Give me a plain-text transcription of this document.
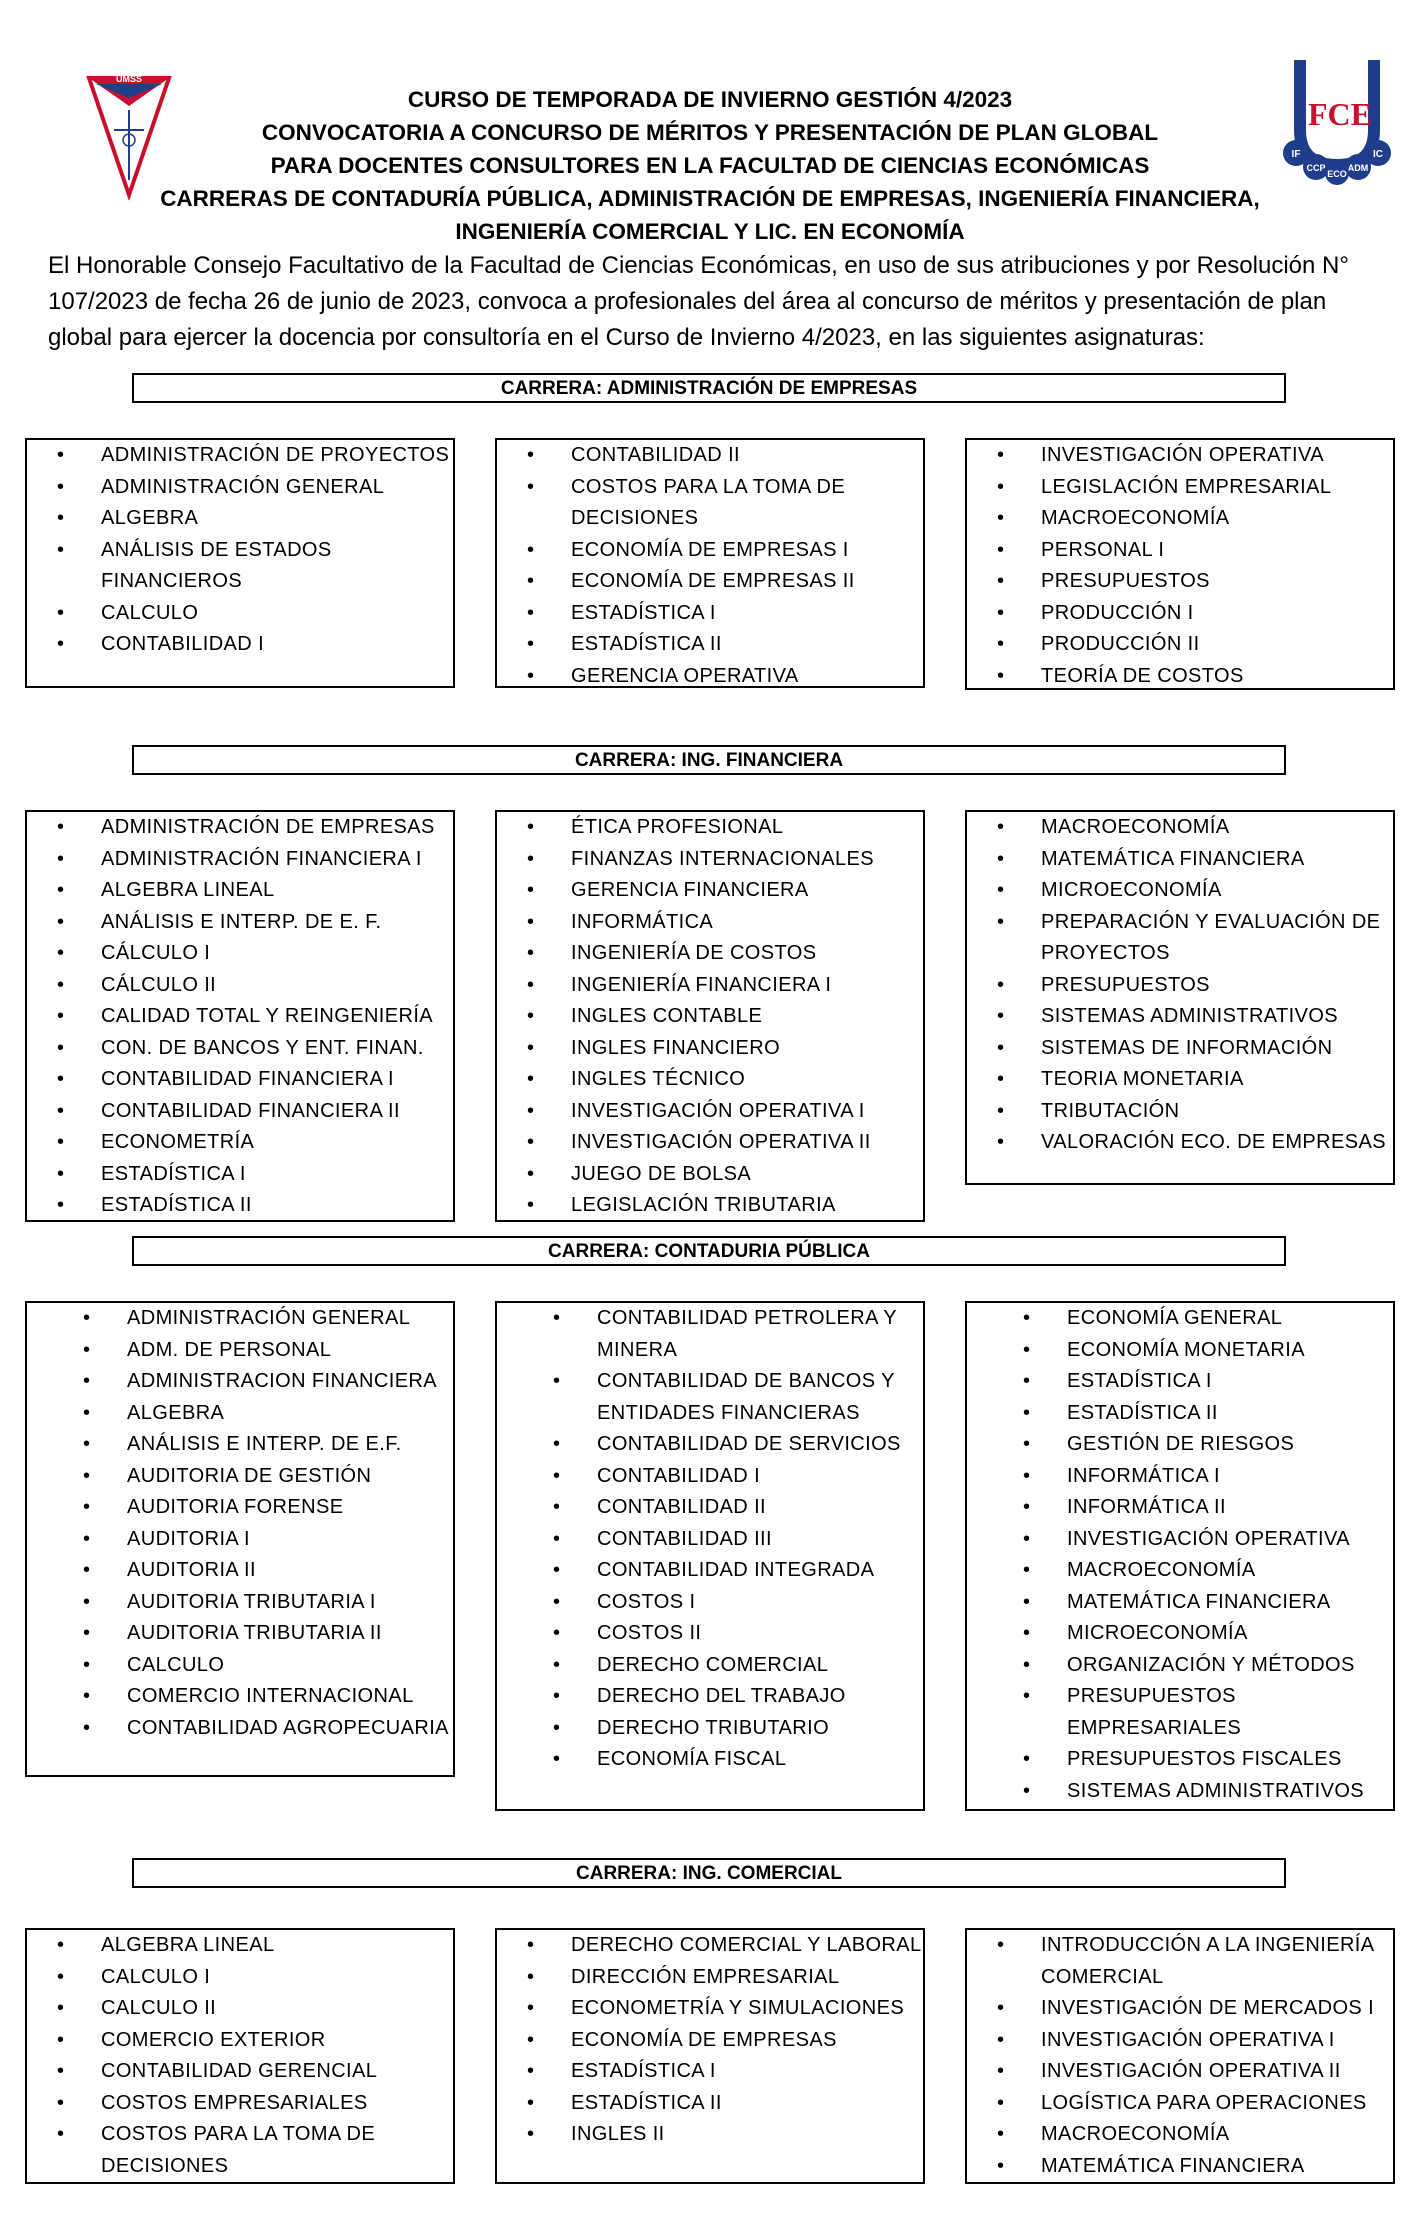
UMSS
UMSS FCE
IF	IC
CCP ADM
ECO
CURSO DE TEMPORADA DE INVIERNO GESTIÓN 4/2023
CONVOCATORIA A CONCURSO DE MÉRITOS Y PRESENTACIÓN DE PLAN GLOBAL
PARA DOCENTES CONSULTORES EN LA FACULTAD DE CIENCIAS ECONÓMICAS
CARRERAS DE CONTADURÍA PÚBLICA, ADMINISTRACIÓN DE EMPRESAS, INGENIERÍA FINANCIERA,
INGENIERÍA COMERCIAL Y LIC. EN ECONOMÍA

El Honorable Consejo Facultativo de la Facultad de Ciencias Económicas, en uso de sus atribuciones y por Resolución N°

107/2023 de fecha 26 de junio de 2023, convoca a profesionales del área al concurso de méritos y presentación de plan

global para ejercer la docencia por consultoría en el Curso de Invierno 4/2023, en las siguientes asignaturas:

CARRERA: ADMINISTRACIÓN DE EMPRESAS
• ADMINISTRACIÓN DE PROYECTOS
• ADMINISTRACIÓN GENERAL
• ALGEBRA
• ANÁLISIS DE ESTADOS FINANCIEROS
• CALCULO
• CONTABILIDAD I
• CONTABILIDAD II
• COSTOS PARA LA TOMA DE DECISIONES
• ECONOMÍA DE EMPRESAS I
• ECONOMÍA DE EMPRESAS II
• ESTADÍSTICA I
• ESTADÍSTICA II
• GERENCIA OPERATIVA
• INVESTIGACIÓN OPERATIVA
• LEGISLACIÓN EMPRESARIAL
• MACROECONOMÍA
• PERSONAL I
• PRESUPUESTOS
• PRODUCCIÓN I
• PRODUCCIÓN II
• TEORÍA DE COSTOS
CARRERA: ING. FINANCIERA
• ADMINISTRACIÓN DE EMPRESAS
• ADMINISTRACIÓN FINANCIERA I
• ALGEBRA LINEAL
• ANÁLISIS E INTERP. DE E. F.
• CÁLCULO I
• CÁLCULO II
• CALIDAD TOTAL Y REINGENIERÍA
• CON. DE BANCOS Y ENT. FINAN.
• CONTABILIDAD FINANCIERA I
• CONTABILIDAD FINANCIERA II
• ECONOMETRÍA
• ESTADÍSTICA I
• ESTADÍSTICA II
• ÉTICA PROFESIONAL
• FINANZAS INTERNACIONALES
• GERENCIA FINANCIERA
• INFORMÁTICA
• INGENIERÍA DE COSTOS
• INGENIERÍA FINANCIERA I
• INGLES CONTABLE
• INGLES FINANCIERO
• INGLES TÉCNICO
• INVESTIGACIÓN OPERATIVA I
• INVESTIGACIÓN OPERATIVA II
• JUEGO DE BOLSA
• LEGISLACIÓN TRIBUTARIA
• MACROECONOMÍA
• MATEMÁTICA FINANCIERA
• MICROECONOMÍA
• PREPARACIÓN Y EVALUACIÓN DE PROYECTOS
• PRESUPUESTOS
• SISTEMAS ADMINISTRATIVOS
• SISTEMAS DE INFORMACIÓN
• TEORIA MONETARIA
• TRIBUTACIÓN
• VALORACIÓN ECO. DE EMPRESAS
CARRERA: CONTADURIA PÚBLICA
• ADMINISTRACIÓN GENERAL
• ADM. DE PERSONAL
• ADMINISTRACION FINANCIERA
• ALGEBRA
• ANÁLISIS E INTERP. DE E.F.
• AUDITORIA DE GESTIÓN
• AUDITORIA FORENSE
• AUDITORIA I
• AUDITORIA II
• AUDITORIA TRIBUTARIA I
• AUDITORIA TRIBUTARIA II
• CALCULO
• COMERCIO INTERNACIONAL
• CONTABILIDAD AGROPECUARIA
• CONTABILIDAD PETROLERA Y MINERA
• CONTABILIDAD DE BANCOS Y ENTIDADES FINANCIERAS
• CONTABILIDAD DE SERVICIOS
• CONTABILIDAD I
• CONTABILIDAD II
• CONTABILIDAD III
• CONTABILIDAD INTEGRADA
• COSTOS I
• COSTOS II
• DERECHO COMERCIAL
• DERECHO DEL TRABAJO
• DERECHO TRIBUTARIO
• ECONOMÍA FISCAL
• ECONOMÍA GENERAL
• ECONOMÍA MONETARIA
• ESTADÍSTICA I
• ESTADÍSTICA II
• GESTIÓN DE RIESGOS
• INFORMÁTICA I
• INFORMÁTICA II
• INVESTIGACIÓN OPERATIVA
• MACROECONOMÍA
• MATEMÁTICA FINANCIERA
• MICROECONOMÍA
• ORGANIZACIÓN Y MÉTODOS
• PRESUPUESTOS EMPRESARIALES
• PRESUPUESTOS FISCALES
• SISTEMAS ADMINISTRATIVOS
CARRERA: ING. COMERCIAL
• ALGEBRA LINEAL
• CALCULO I
• CALCULO II
• COMERCIO EXTERIOR
• CONTABILIDAD GERENCIAL
• COSTOS EMPRESARIALES
• COSTOS PARA LA TOMA DE DECISIONES
• DERECHO COMERCIAL Y LABORAL
• DIRECCIÓN EMPRESARIAL
• ECONOMETRÍA Y SIMULACIONES
• ECONOMÍA DE EMPRESAS
• ESTADÍSTICA I
• ESTADÍSTICA II
• INGLES II
• INTRODUCCIÓN A LA INGENIERÍA COMERCIAL
• INVESTIGACIÓN DE MERCADOS I
• INVESTIGACIÓN OPERATIVA I
• INVESTIGACIÓN OPERATIVA II
• LOGÍSTICA PARA OPERACIONES
• MACROECONOMÍA
• MATEMÁTICA FINANCIERA
